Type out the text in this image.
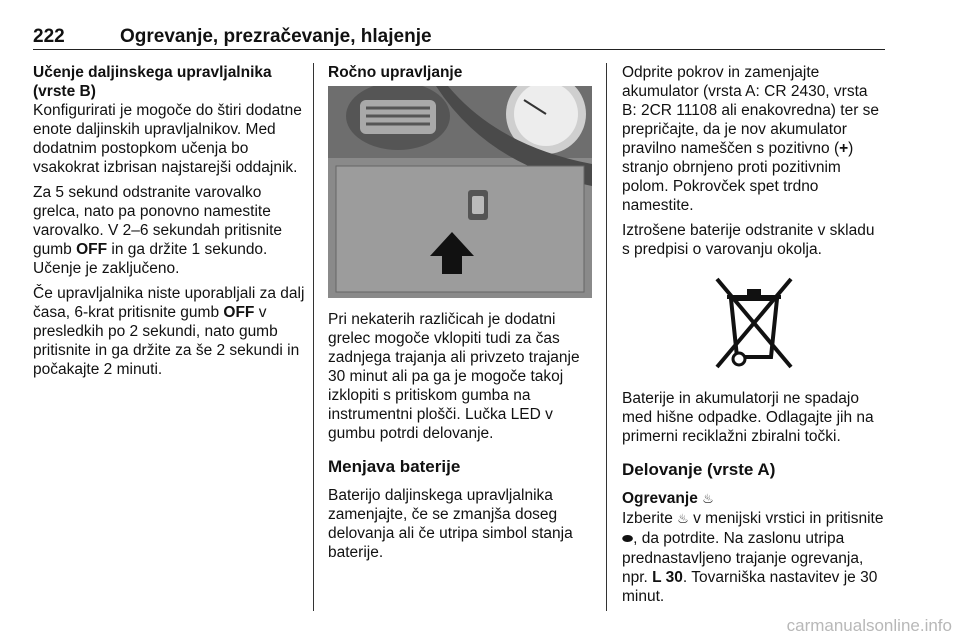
222	Ogrevanje, prezračevanje, hlajenje

Učenje daljinskega upravljalnika (vrste B)

Konfigurirati je mogoče do štiri dodatne enote daljinskih upravljalnikov. Med dodatnim postopkom učenja bo vsakokrat izbrisan najstarejši oddajnik.

Za 5 sekund odstranite varovalko grelca, nato pa ponovno namestite varovalko. V 2–6 sekundah pritisnite gumb OFF in ga držite 1 sekundo. Učenje je zaključeno.

Če upravljalnika niste uporabljali za dalj časa, 6-krat pritisnite gumb OFF v presledkih po 2 sekundi, nato gumb pritisnite in ga držite za še 2 sekundi in počakajte 2 minuti.

Ročno upravljanje

Pri nekaterih različicah je dodatni grelec mogoče vklopiti tudi za čas zadnjega trajanja ali privzeto trajanje 30 minut ali pa ga je mogoče takoj izklopiti s pritiskom gumba na instrumentni plošči. Lučka LED v gumbu potrdi delovanje.

Menjava baterije

Baterijo daljinskega upravljalnika zamenjajte, če se zmanjša doseg delovanja ali če utripa simbol stanja baterije.

Odprite pokrov in zamenjajte akumulator (vrsta A: CR 2430, vrsta B: 2CR 11108 ali enakovredna) ter se prepričajte, da je nov akumulator pravilno nameščen s pozitivno (+) stranjo obrnjeno proti pozitivnim polom. Pokrovček spet trdno namestite.

Iztrošene baterije odstranite v skladu s predpisi o varovanju okolja.

Baterije in akumulatorji ne spadajo med hišne odpadke. Odlagajte jih na primerni reciklažni zbiralni točki.

Delovanje (vrste A)

Ogrevanje ♨

Izberite ♨ v menijski vrstici in pritisnite ⬬, da potrdite. Na zaslonu utripa prednastavljeno trajanje ogrevanja, npr. L 30. Tovarniška nastavitev je 30 minut.

carmanualsonline.info
